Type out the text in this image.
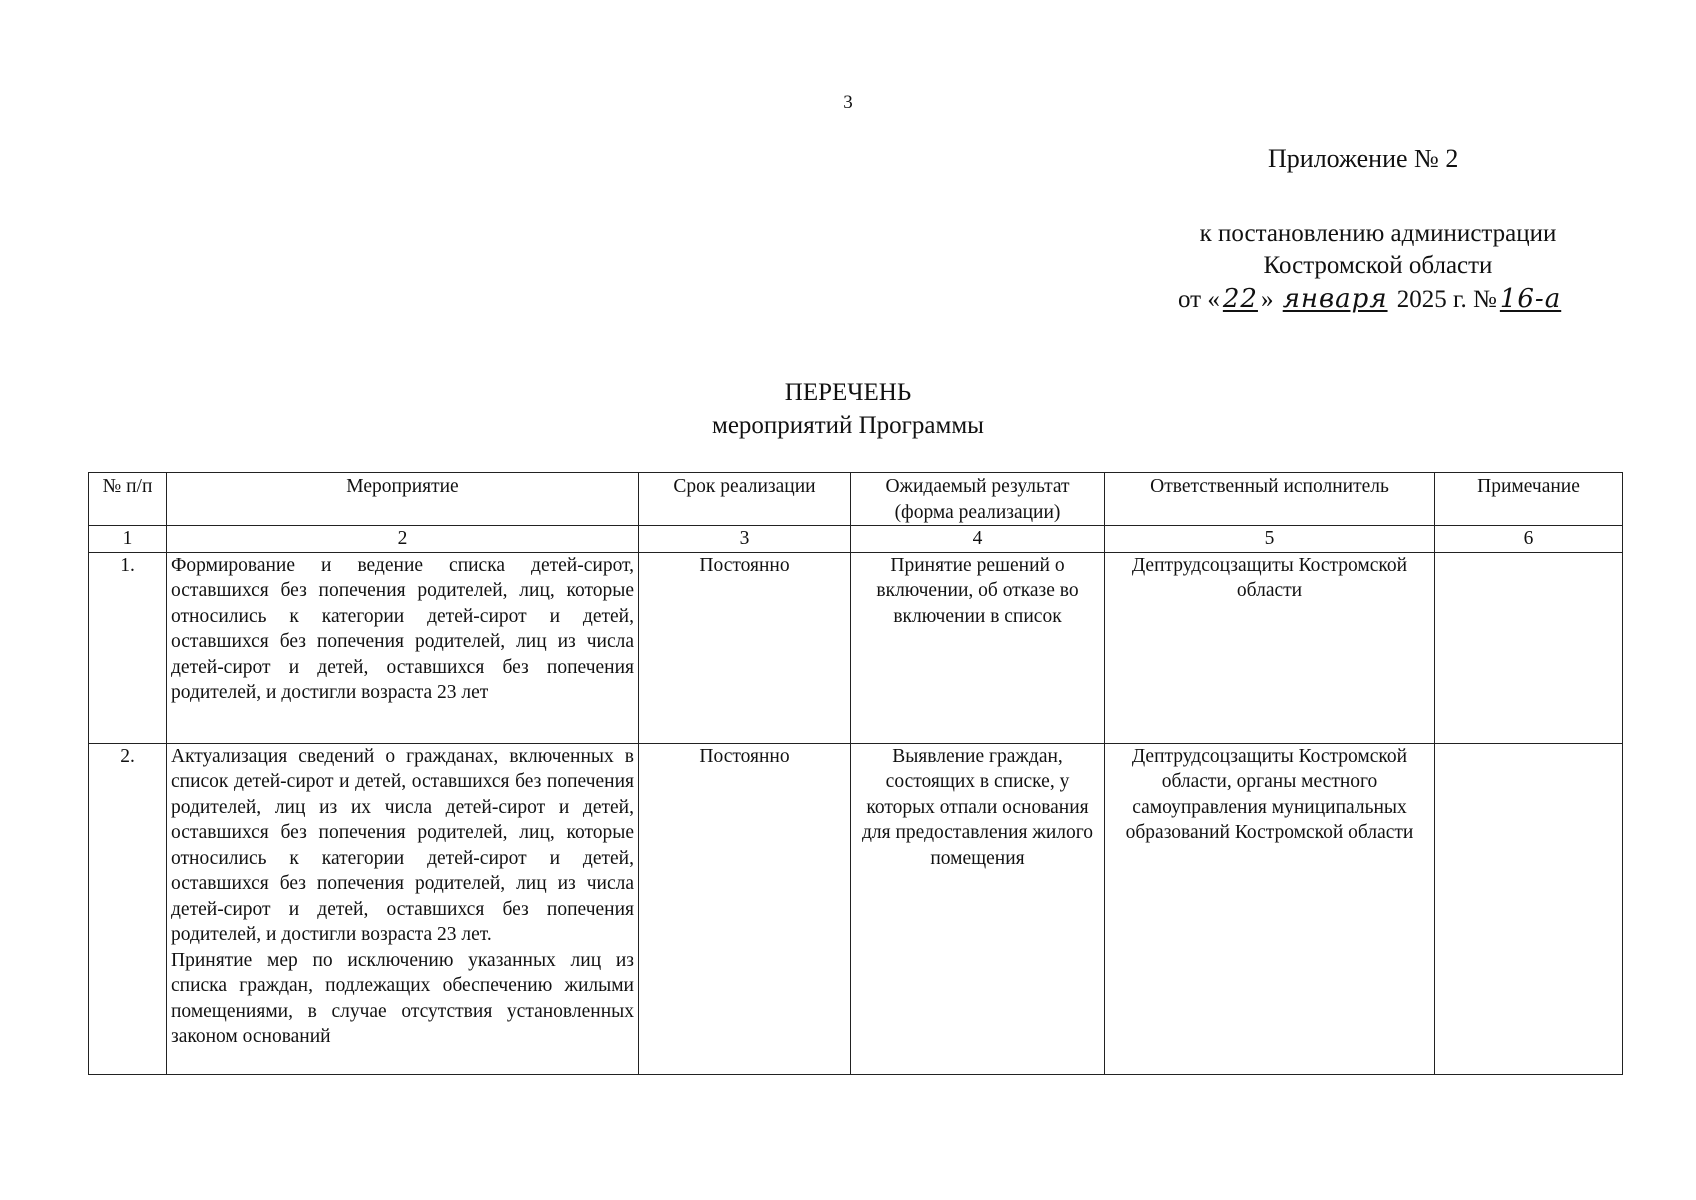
3
Приложение № 2
к постановлению администрации
Костромской области
от « 22 » января 2025 г. № 16-а
ПЕРЕЧЕНЬ
мероприятий Программы
№ п/п	Мероприятие	Срок реализации	Ожидаемый результат (форма реализации)	Ответственный исполнитель	Примечание
1	2	3	4	5	6
1.	Формирование и ведение списка детей-сирот, оставшихся без попечения родителей, лиц, которые относились к категории детей-сирот и детей, оставшихся без попечения родителей, лиц из числа детей-сирот и детей, оставшихся без попечения родителей, и достигли возраста 23 лет	Постоянно	Принятие решений о включении, об отказе во включении в список	Дептрудсоцзащиты Костромской области	
2.	Актуализация сведений о гражданах, включенных в список детей-сирот и детей, оставшихся без попечения родителей, лиц из их числа детей-сирот и детей, оставшихся без попечения родителей, лиц, которые относились к категории детей-сирот и детей, оставшихся без попечения родителей, лиц из числа детей-сирот и детей, оставшихся без попечения родителей, и достигли возраста 23 лет.
Принятие мер по исключению указанных лиц из списка граждан, подлежащих обеспечению жилыми помещениями, в случае отсутствия установленных законом оснований	Постоянно	Выявление граждан, состоящих в списке, у которых отпали основания для предоставления жилого помещения	Дептрудсоцзащиты Костромской области, органы местного самоуправления муниципальных образований Костромской области	
